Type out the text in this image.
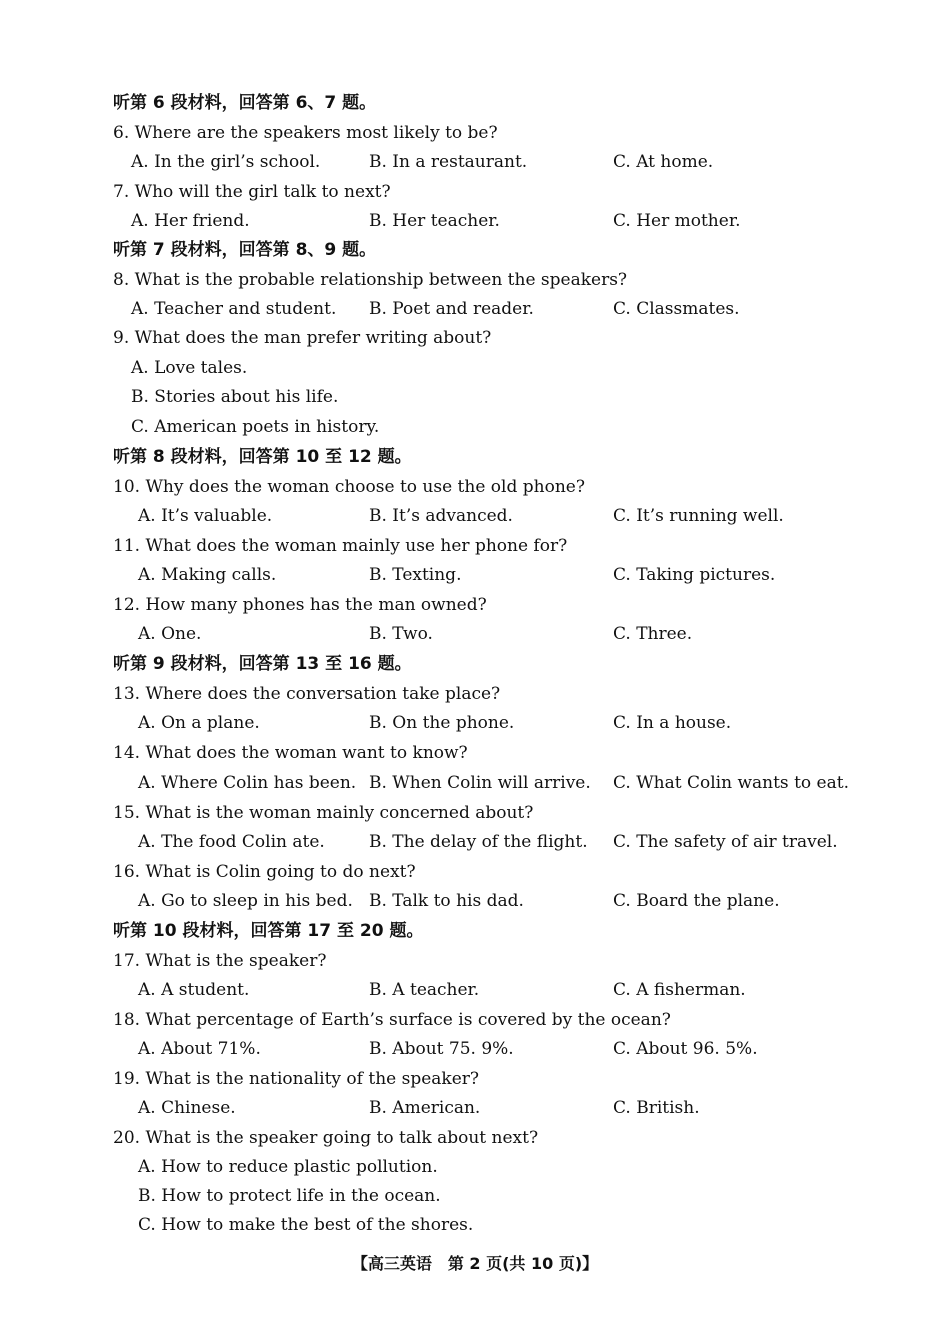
听第 6 段材料，回答第 6、7 题。
6. Where are the speakers most likely to be?
A. In the girl’s school.	B. In a restaurant.	C. At home.
7. Who will the girl talk to next?
A. Her friend.	B. Her teacher.	C. Her mother.
听第 7 段材料，回答第 8、9 题。
8. What is the probable relationship between the speakers?
A. Teacher and student. B. Poet and reader.	C. Classmates.
9. What does the man prefer writing about?
A. Love tales.
B. Stories about his life.
C. American poets in history.
听第 8 段材料，回答第 10 至 12 题。
10. Why does the woman choose to use the old phone?
A. It’s valuable.	B. It’s advanced.	C. It’s running well.
11. What does the woman mainly use her phone for?
A. Making calls.	B. Texting.	C. Taking pictures.
12. How many phones has the man owned?
A. One.	B. Two.	C. Three.
听第 9 段材料，回答第 13 至 16 题。
13. Where does the conversation take place?
A. On a plane.	B. On the phone.	C. In a house.
14. What does the woman want to know?
A. Where Colin has been. B. When Colin will arrive. C. What Colin wants to eat.
15. What is the woman mainly concerned about?
A. The food Colin ate.	B. The delay of the flight. C. The safety of air travel.
16. What is Colin going to do next?
A. Go to sleep in his bed. B. Talk to his dad.	C. Board the plane.
听第 10 段材料，回答第 17 至 20 题。
17. What is the speaker?
A. A student.	B. A teacher.	C. A fisherman.
18. What percentage of Earth’s surface is covered by the ocean?
A. About 71%.	B. About 75. 9%.	C. About 96. 5%.
19. What is the nationality of the speaker?
A. Chinese.	B. American.	C. British.
20. What is the speaker going to talk about next?
A. How to reduce plastic pollution.
B. How to protect life in the ocean.
C. How to make the best of the shores.
【高三英语　第 2 页(共 10 页)】
